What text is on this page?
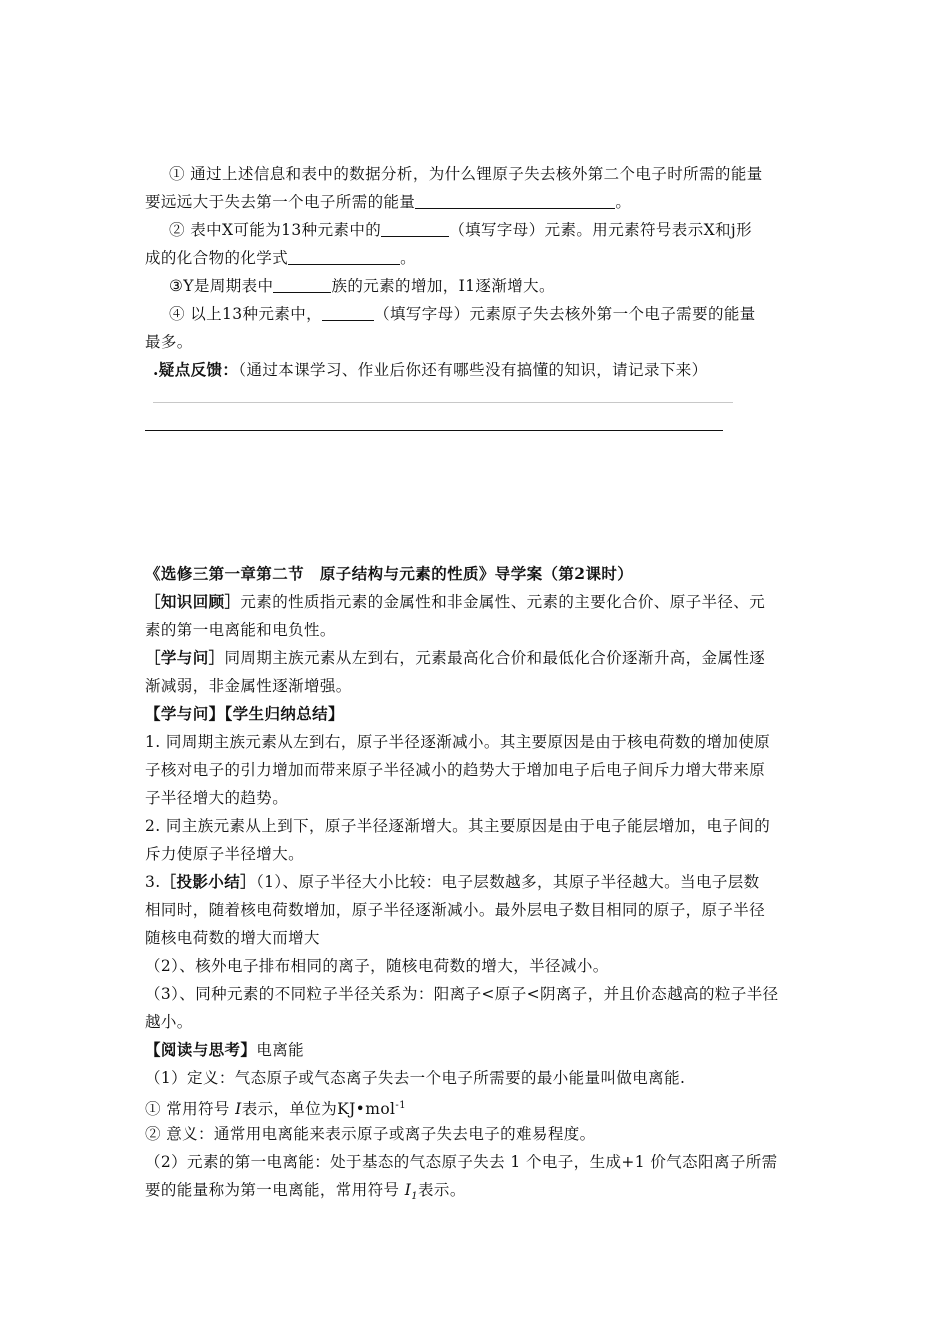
① 通过上述信息和表中的数据分析，为什么锂原子失去核外第二个电子时所需的能量
要远远大于失去第一个电子所需的能量	。
② 表中X可能为13种元素中的	（填写字母）元素。用元素符号表示X和j形
成的化合物的化学式	。
③Y是周期表中	族的元素的增加，I1逐渐增大。
④ 以上13种元素中，	（填写字母）元素原子失去核外第一个电子需要的能量
最多。
.疑点反馈：（通过本课学习、作业后你还有哪些没有搞懂的知识，请记录下来）
《选修三第一章第二节　原子结构与元素的性质》导学案（第2课时）
［知识回顾］元素的性质指元素的金属性和非金属性、元素的主要化合价、原子半径、元
素的第一电离能和电负性。
［学与问］同周期主族元素从左到右，元素最高化合价和最低化合价逐渐升高，金属性逐
渐减弱，非金属性逐渐增强。
【学与问】【学生归纳总结】
1. 同周期主族元素从左到右，原子半径逐渐减小。其主要原因是由于核电荷数的增加使原
子核对电子的引力增加而带来原子半径减小的趋势大于增加电子后电子间斥力增大带来原
子半径增大的趋势。
2. 同主族元素从上到下，原子半径逐渐增大。其主要原因是由于电子能层增加，电子间的
斥力使原子半径增大。
3.［投影小结］（1）、原子半径大小比较：电子层数越多，其原子半径越大。当电子层数
相同时，随着核电荷数增加，原子半径逐渐减小。最外层电子数目相同的原子，原子半径
随核电荷数的增大而增大
（2）、核外电子排布相同的离子，随核电荷数的增大，半径减小。
（3）、同种元素的不同粒子半径关系为：阳离子<原子<阴离子，并且价态越高的粒子半径
越小。
【阅读与思考】电离能
（1）定义：气态原子或气态离子失去一个电子所需要的最小能量叫做电离能.
① 常用符号 I表示，单位为KJ•mol$^{-1}$
② 意义：通常用电离能来表示原子或离子失去电子的难易程度。
（2）元素的第一电离能：处于基态的气态原子失去 1 个电子，生成+1 价气态阳离子所需
要的能量称为第一电离能，常用符号 $I_1$表示。
